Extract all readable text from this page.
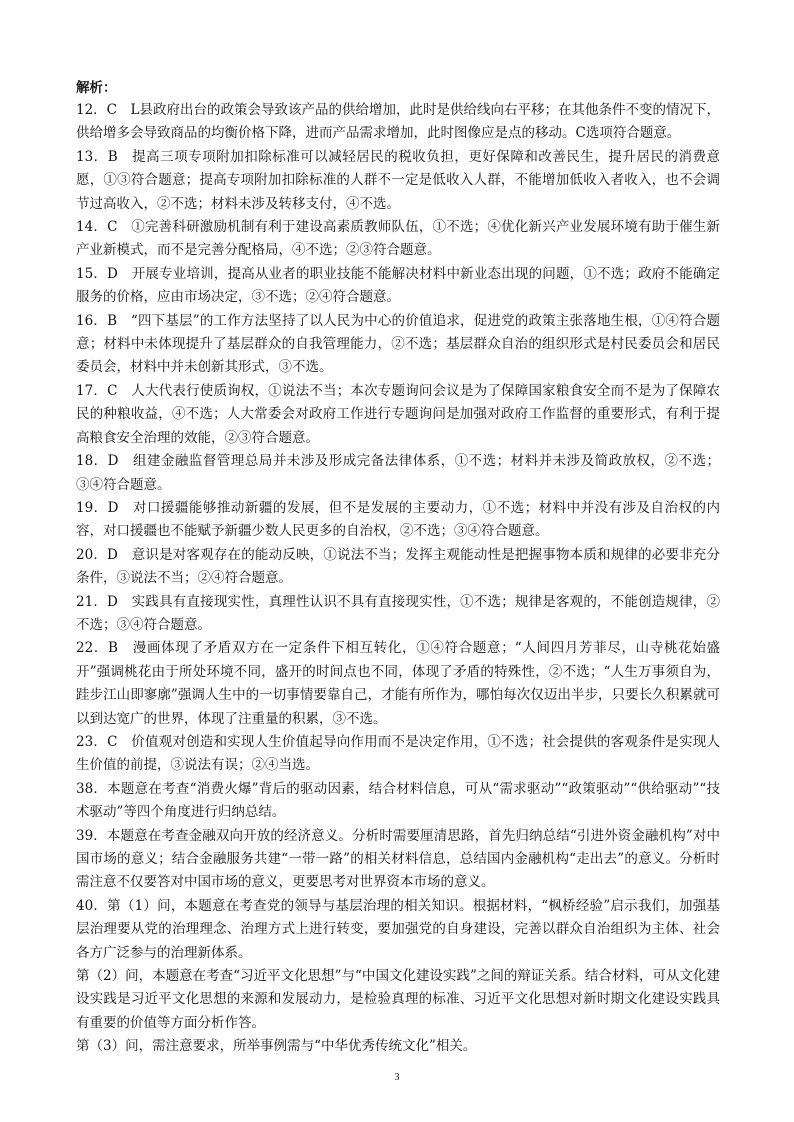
解析：

12．C　L县政府出台的政策会导致该产品的供给增加，此时是供给线向右平移；在其他条件不变的情况下，供给增多会导致商品的均衡价格下降，进而产品需求增加，此时图像应是点的移动。C选项符合题意。

13．B　提高三项专项附加扣除标准可以减轻居民的税收负担，更好保障和改善民生，提升居民的消费意愿，①③符合题意；提高专项附加扣除标准的人群不一定是低收入人群，不能增加低收入者收入，也不会调节过高收入，②不选；材料未涉及转移支付，④不选。

14．C　①完善科研激励机制有利于建设高素质教师队伍，①不选；④优化新兴产业发展环境有助于催生新产业新模式，而不是完善分配格局，④不选；②③符合题意。

15．D　开展专业培训，提高从业者的职业技能不能解决材料中新业态出现的问题，①不选；政府不能确定服务的价格，应由市场决定，③不选；②④符合题意。

16．B　“四下基层”的工作方法坚持了以人民为中心的价值追求，促进党的政策主张落地生根，①④符合题意；材料中未体现提升了基层群众的自我管理能力，②不选；基层群众自治的组织形式是村民委员会和居民委员会，材料中并未创新其形式，③不选。

17．C　人大代表行使质询权，①说法不当；本次专题询问会议是为了保障国家粮食安全而不是为了保障农民的种粮收益，④不选；人大常委会对政府工作进行专题询问是加强对政府工作监督的重要形式，有利于提高粮食安全治理的效能，②③符合题意。

18．D　组建金融监督管理总局并未涉及形成完备法律体系，①不选；材料并未涉及简政放权，②不选；③④符合题意。

19．D　对口援疆能够推动新疆的发展，但不是发展的主要动力，①不选；材料中并没有涉及自治权的内容，对口援疆也不能赋予新疆少数人民更多的自治权，②不选；③④符合题意。

20．D　意识是对客观存在的能动反映，①说法不当；发挥主观能动性是把握事物本质和规律的必要非充分条件，③说法不当；②④符合题意。

21．D　实践具有直接现实性，真理性认识不具有直接现实性，①不选；规律是客观的，不能创造规律，②不选；③④符合题意。

22．B　漫画体现了矛盾双方在一定条件下相互转化，①④符合题意；“人间四月芳菲尽，山寺桃花始盛开”强调桃花由于所处环境不同，盛开的时间点也不同，体现了矛盾的特殊性，②不选；“人生万事须自为，跬步江山即寥廓”强调人生中的一切事情要靠自己，才能有所作为，哪怕每次仅迈出半步，只要长久积累就可以到达宽广的世界，体现了注重量的积累，③不选。

23．C　价值观对创造和实现人生价值起导向作用而不是决定作用，①不选；社会提供的客观条件是实现人生价值的前提，③说法有误；②④当选。

38．本题意在考查“消费火爆”背后的驱动因素，结合材料信息，可从“需求驱动”“政策驱动”“供给驱动”“技术驱动”等四个角度进行归纳总结。

39．本题意在考查金融双向开放的经济意义。分析时需要厘清思路，首先归纳总结“引进外资金融机构”对中国市场的意义；结合金融服务共建“一带一路”的相关材料信息，总结国内金融机构“走出去”的意义。分析时需注意不仅要答对中国市场的意义，更要思考对世界资本市场的意义。

40．第（1）问，本题意在考查党的领导与基层治理的相关知识。根据材料，“枫桥经验”启示我们，加强基层治理要从党的治理理念、治理方式上进行转变，要加强党的自身建设，完善以群众自治组织为主体、社会各方广泛参与的治理新体系。

第（2）问，本题意在考查“习近平文化思想”与“中国文化建设实践”之间的辩证关系。结合材料，可从文化建设实践是习近平文化思想的来源和发展动力，是检验真理的标准、习近平文化思想对新时期文化建设实践具有重要的价值等方面分析作答。

第（3）问，需注意要求，所举事例需与“中华优秀传统文化”相关。

3
